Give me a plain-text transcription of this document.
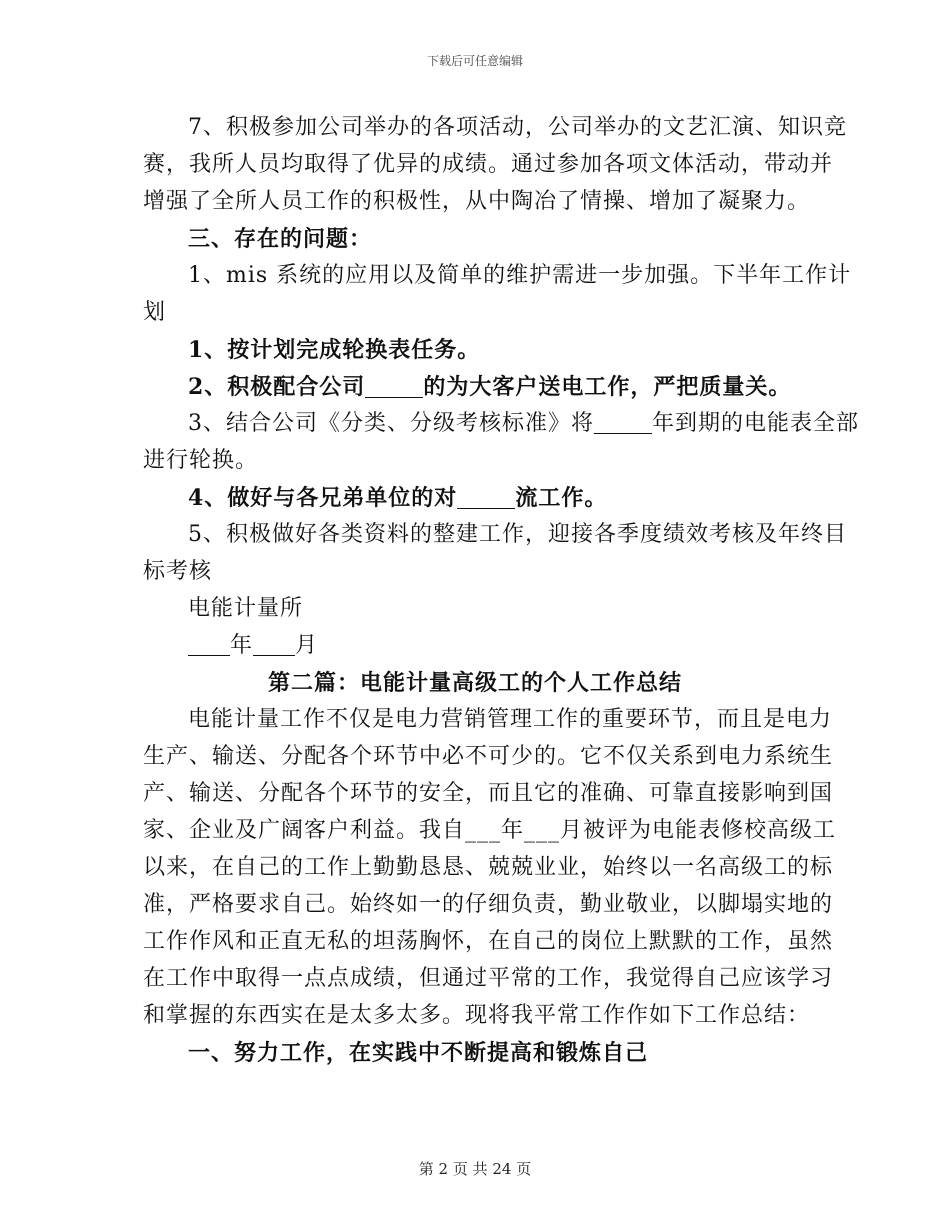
下载后可任意编辑
7、积极参加公司举办的各项活动，公司举办的文艺汇演、知识竞
赛，我所人员均取得了优异的成绩。通过参加各项文体活动，带动并
增强了全所人员工作的积极性，从中陶冶了情操、增加了凝聚力。
三、存在的问题：
1、mis 系统的应用以及简单的维护需进一步加强。下半年工作计
划
1、按计划完成轮换表任务。
2、积极配合公司	的为大客户送电工作，严把质量关。
3、结合公司《分类、分级考核标准》将	年到期的电能表全部
进行轮换。
4、做好与各兄弟单位的对	流工作。
5、积极做好各类资料的整建工作，迎接各季度绩效考核及年终目
标考核
电能计量所
年 月
第二篇：电能计量高级工的个人工作总结
电能计量工作不仅是电力营销管理工作的重要环节，而且是电力
生产、输送、分配各个环节中必不可少的。它不仅关系到电力系统生
产、输送、分配各个环节的安全，而且它的准确、可靠直接影响到国
家、企业及广阔客户利益。我自___年___月被评为电能表修校高级工
以来，在自己的工作上勤勤恳恳、兢兢业业，始终以一名高级工的标
准，严格要求自己。始终如一的仔细负责，勤业敬业，以脚塌实地的
工作作风和正直无私的坦荡胸怀，在自己的岗位上默默的工作，虽然
在工作中取得一点点成绩，但通过平常的工作，我觉得自己应该学习
和掌握的东西实在是太多太多。现将我平常工作作如下工作总结：
一、努力工作，在实践中不断提高和锻炼自己
第 2 页 共 24 页
